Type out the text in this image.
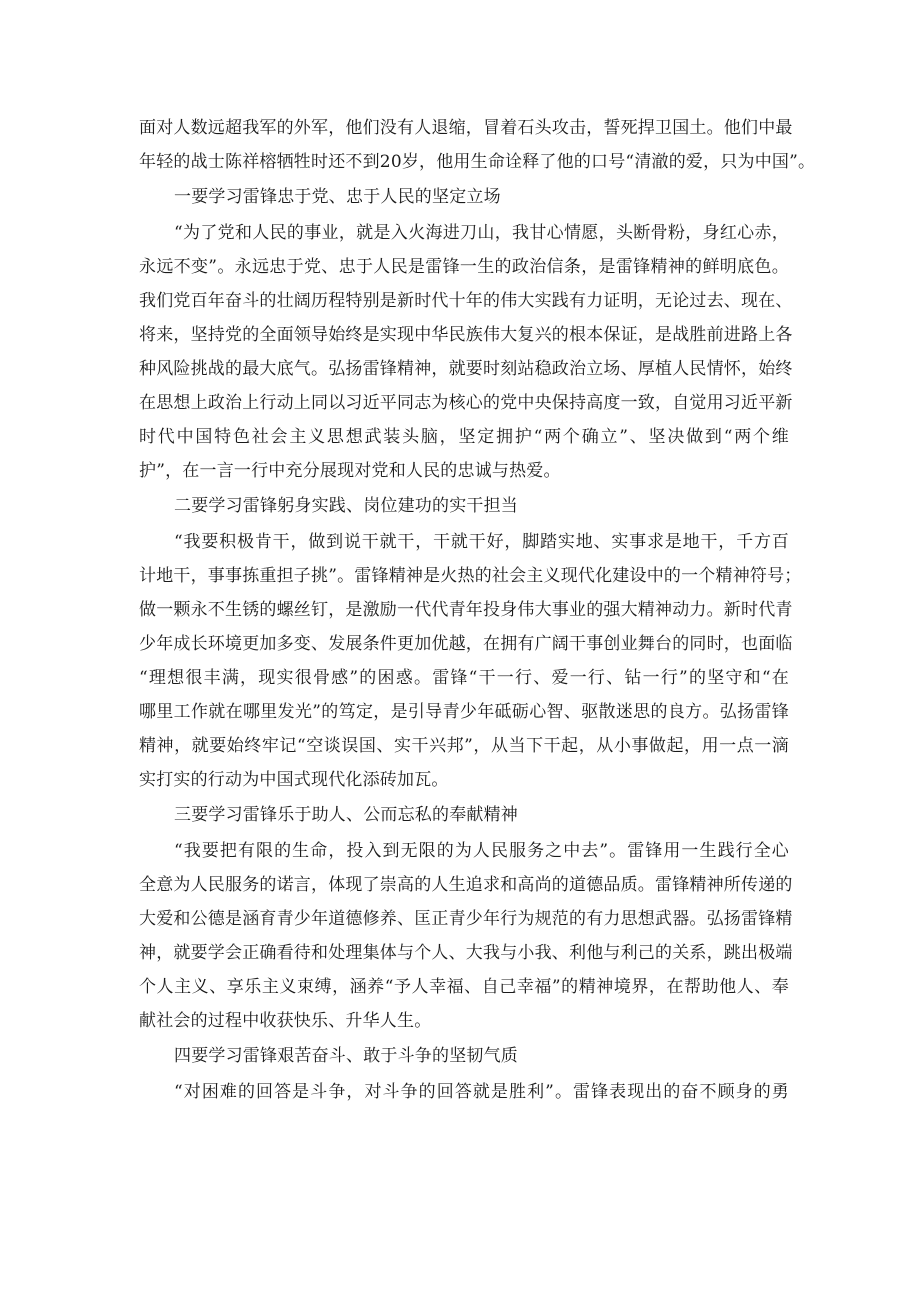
面对人数远超我军的外军，他们没有人退缩，冒着石头攻击，誓死捍卫国土。他们中最
年轻的战士陈祥榕牺牲时还不到20岁，他用生命诠释了他的口号“清澈的爱，只为中国”。
一要学习雷锋忠于党、忠于人民的坚定立场
“为了党和人民的事业，就是入火海进刀山，我甘心情愿，头断骨粉，身红心赤，
永远不变”。永远忠于党、忠于人民是雷锋一生的政治信条，是雷锋精神的鲜明底色。
我们党百年奋斗的壮阔历程特别是新时代十年的伟大实践有力证明，无论过去、现在、
将来，坚持党的全面领导始终是实现中华民族伟大复兴的根本保证，是战胜前进路上各
种风险挑战的最大底气。弘扬雷锋精神，就要时刻站稳政治立场、厚植人民情怀，始终
在思想上政治上行动上同以习近平同志为核心的党中央保持高度一致，自觉用习近平新
时代中国特色社会主义思想武装头脑，坚定拥护“两个确立”、坚决做到“两个维
护”，在一言一行中充分展现对党和人民的忠诚与热爱。
二要学习雷锋躬身实践、岗位建功的实干担当
“我要积极肯干，做到说干就干，干就干好，脚踏实地、实事求是地干，千方百
计地干，事事拣重担子挑”。雷锋精神是火热的社会主义现代化建设中的一个精神符号；
做一颗永不生锈的螺丝钉，是激励一代代青年投身伟大事业的强大精神动力。新时代青
少年成长环境更加多变、发展条件更加优越，在拥有广阔干事创业舞台的同时，也面临
“理想很丰满，现实很骨感”的困惑。雷锋“干一行、爱一行、钻一行”的坚守和“在
哪里工作就在哪里发光”的笃定，是引导青少年砥砺心智、驱散迷思的良方。弘扬雷锋
精神，就要始终牢记“空谈误国、实干兴邦”，从当下干起，从小事做起，用一点一滴
实打实的行动为中国式现代化添砖加瓦。
三要学习雷锋乐于助人、公而忘私的奉献精神
“我要把有限的生命，投入到无限的为人民服务之中去”。雷锋用一生践行全心
全意为人民服务的诺言，体现了崇高的人生追求和高尚的道德品质。雷锋精神所传递的
大爱和公德是涵育青少年道德修养、匡正青少年行为规范的有力思想武器。弘扬雷锋精
神，就要学会正确看待和处理集体与个人、大我与小我、利他与利己的关系，跳出极端
个人主义、享乐主义束缚，涵养“予人幸福、自己幸福”的精神境界，在帮助他人、奉
献社会的过程中收获快乐、升华人生。
四要学习雷锋艰苦奋斗、敢于斗争的坚韧气质
“对困难的回答是斗争，对斗争的回答就是胜利”。雷锋表现出的奋不顾身的勇
